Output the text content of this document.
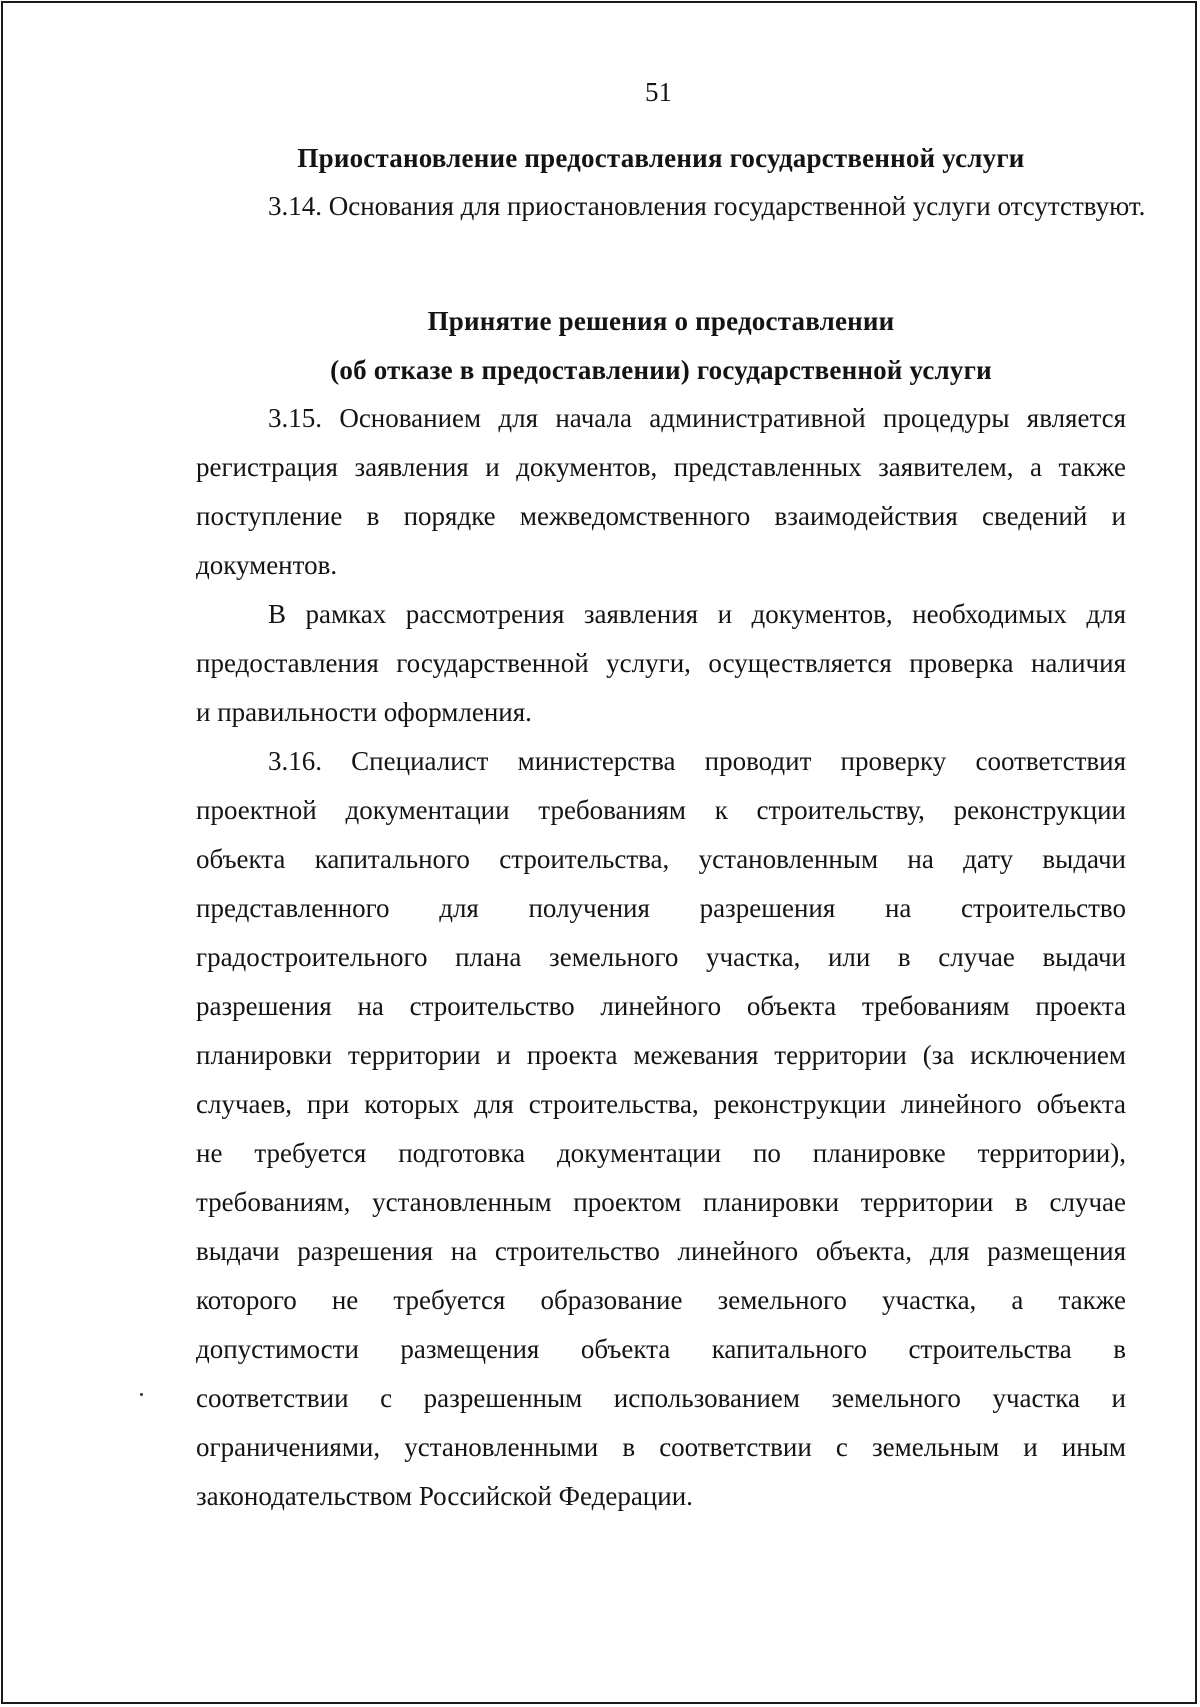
51
Приостановление предоставления государственной услуги
3.14. Основания для приостановления государственной услуги отсутствуют.
Принятие решения о предоставлении
(об отказе в предоставлении) государственной услуги
3.15. Основанием для начала административной процедуры является
регистрация заявления и документов, представленных заявителем, а также
поступление в порядке межведомственного взаимодействия сведений и
документов.
В рамках рассмотрения заявления и документов, необходимых для
предоставления государственной услуги, осуществляется проверка наличия
и правильности оформления.
3.16. Специалист министерства проводит проверку соответствия
проектной документации требованиям к строительству, реконструкции
объекта капитального строительства, установленным на дату выдачи
представленного для получения разрешения на строительство
градостроительного плана земельного участка, или в случае выдачи
разрешения на строительство линейного объекта требованиям проекта
планировки территории и проекта межевания территории (за исключением
случаев, при которых для строительства, реконструкции линейного объекта
не требуется подготовка документации по планировке территории),
требованиям, установленным проектом планировки территории в случае
выдачи разрешения на строительство линейного объекта, для размещения
которого не требуется образование земельного участка, а также
допустимости размещения объекта капитального строительства в
соответствии с разрешенным использованием земельного участка и
ограничениями, установленными в соответствии с земельным и иным
законодательством Российской Федерации.
